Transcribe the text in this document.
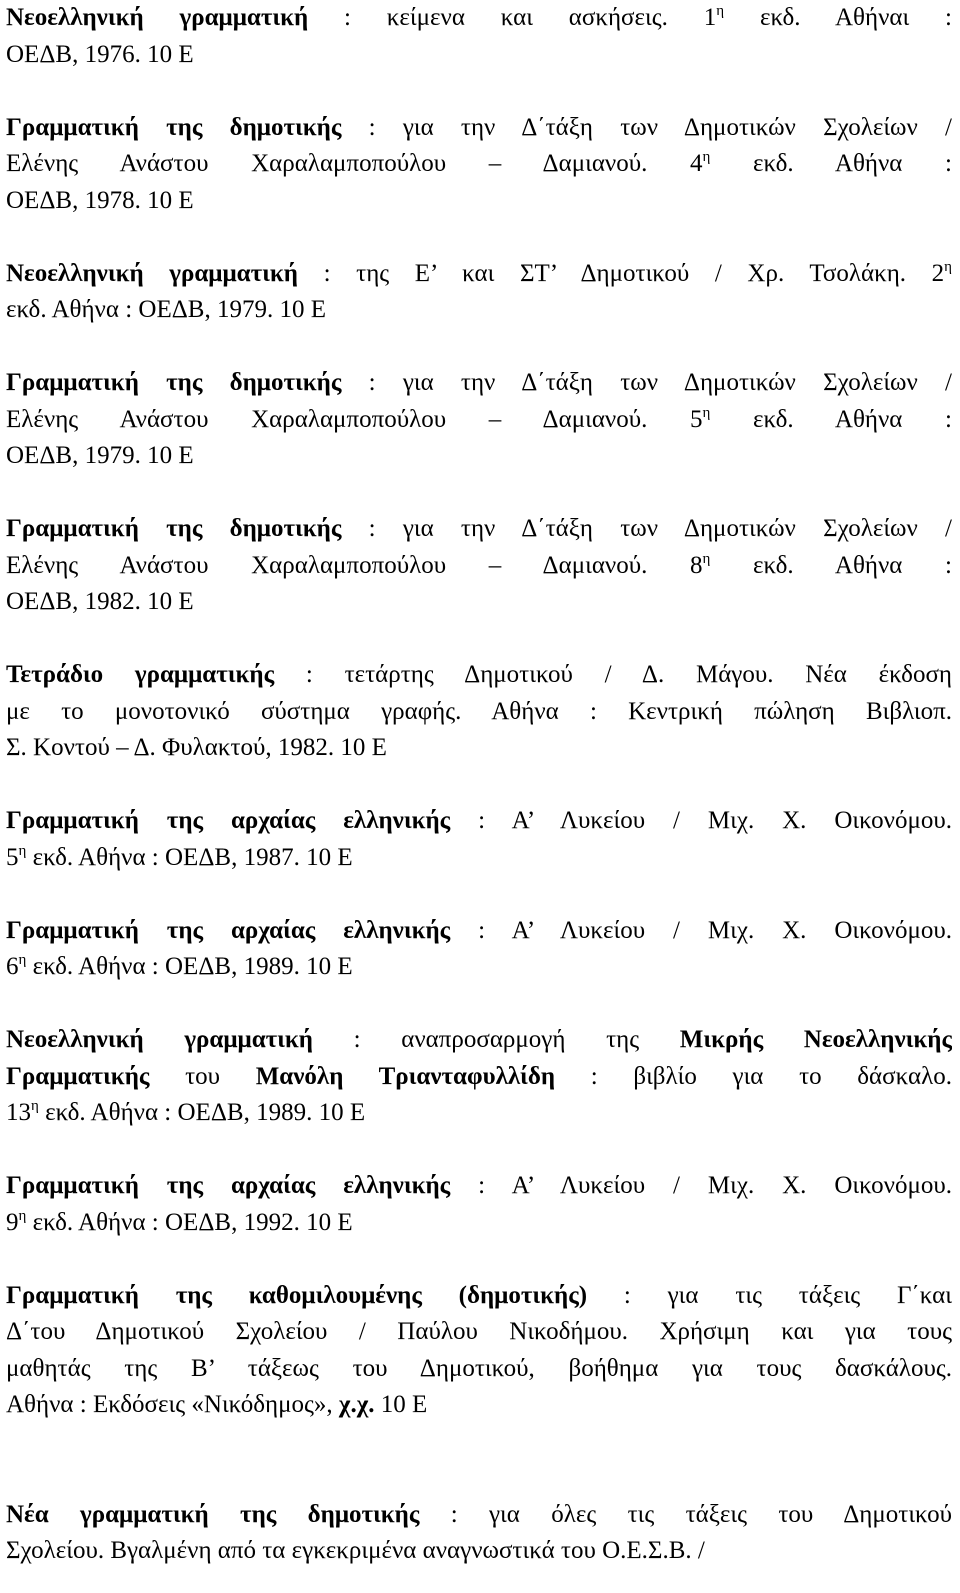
Νεοελληνική γραμματική : κείμενα και ασκήσεις. $1^\eta$ εκδ. Αθήναι :
ΟΕΔΒ, 1976. 10 Ε
Γραμματική της δημοτικής : για την Δ΄τάξη των Δημοτικών Σχολείων /
Ελένης Ανάστου Χαραλαμποπούλου – Δαμιανού. $4^\eta$ εκδ. Αθήνα :
ΟΕΔΒ, 1978. 10 Ε
Νεοελληνική γραμματική : της Ε’ και ΣΤ’ Δημοτικού / Χρ. Τσολάκη. $2^\eta$
εκδ. Αθήνα : ΟΕΔΒ, 1979. 10 Ε
Γραμματική της δημοτικής : για την Δ΄τάξη των Δημοτικών Σχολείων /
Ελένης Ανάστου Χαραλαμποπούλου – Δαμιανού. $5^\eta$ εκδ. Αθήνα :
ΟΕΔΒ, 1979. 10 Ε
Γραμματική της δημοτικής : για την Δ΄τάξη των Δημοτικών Σχολείων /
Ελένης Ανάστου Χαραλαμποπούλου – Δαμιανού. $8^\eta$ εκδ. Αθήνα :
ΟΕΔΒ, 1982. 10 Ε
Τετράδιο γραμματικής : τετάρτης Δημοτικού / Δ. Μάγου. Νέα έκδοση
με το μονοτονικό σύστημα γραφής. Αθήνα : Κεντρική πώληση Βιβλιοπ.
Σ. Κοντού – Δ. Φυλακτού, 1982. 10 Ε
Γραμματική της αρχαίας ελληνικής : Α’ Λυκείου / Μιχ. Χ. Οικονόμου.
$5^\eta$ εκδ. Αθήνα : ΟΕΔΒ, 1987. 10 Ε
Γραμματική της αρχαίας ελληνικής : Α’ Λυκείου / Μιχ. Χ. Οικονόμου.
$6^\eta$ εκδ. Αθήνα : ΟΕΔΒ, 1989. 10 Ε
Νεοελληνική γραμματική : αναπροσαρμογή της Μικρής Νεοελληνικής
Γραμματικής του Μανόλη Τριανταφυλλίδη : βιβλίο για το δάσκαλο.
$13^\eta$ εκδ. Αθήνα : ΟΕΔΒ, 1989. 10 Ε
Γραμματική της αρχαίας ελληνικής : Α’ Λυκείου / Μιχ. Χ. Οικονόμου.
$9^\eta$ εκδ. Αθήνα : ΟΕΔΒ, 1992. 10 Ε
Γραμματική της καθομιλουμένης (δημοτικής) : για τις τάξεις Γ΄και
Δ΄του Δημοτικού Σχολείου / Παύλου Νικοδήμου. Χρήσιμη και για τους
μαθητάς της Β’ τάξεως του Δημοτικού, βοήθημα για τους δασκάλους.
Αθήνα : Εκδόσεις «Νικόδημος», χ.χ. 10 Ε
Νέα γραμματική της δημοτικής : για όλες τις τάξεις του Δημοτικού
Σχολείου. Βγαλμένη από τα εγκεκριμένα αναγνωστικά του Ο.Ε.Σ.Β. /
